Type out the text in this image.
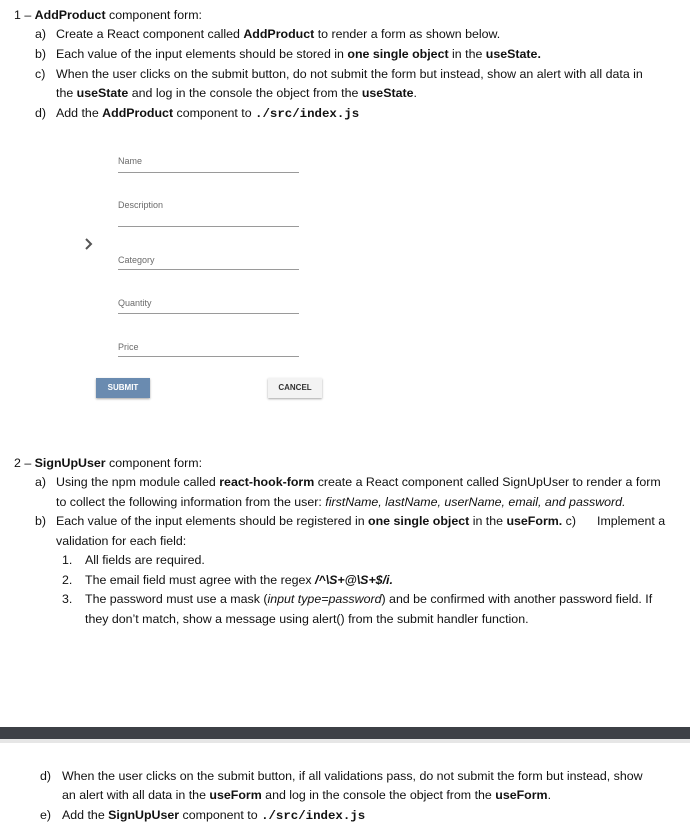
1 – AddProduct component form:
a) Create a React component called AddProduct to render a form as shown below.
b) Each value of the input elements should be stored in one single object in the useState.
c) When the user clicks on the submit button, do not submit the form but instead, show an alert with all data in
the useState and log in the console the object from the useState.
d) Add the AddProduct component to ./src/index.js
Name
Description
Category
Quantity
Price
SUBMIT	CANCEL
2 – SignUpUser component form:
a) Using the npm module called react-hook-form create a React component called SignUpUser to render a form
to collect the following information from the user: firstName, lastName, userName, email, and password.
b) Each value of the input elements should be registered in one single object in the useForm. c) Implement a
validation for each field:
1. All fields are required.
2. The email field must agree with the regex /^\S+@\S+$/i.
3. The password must use a mask (input type=password) and be confirmed with another password field. If
they don’t match, show a message using alert() from the submit handler function.
d) When the user clicks on the submit button, if all validations pass, do not submit the form but instead, show
an alert with all data in the useForm and log in the console the object from the useForm.
e) Add the SignUpUser component to ./src/index.js
